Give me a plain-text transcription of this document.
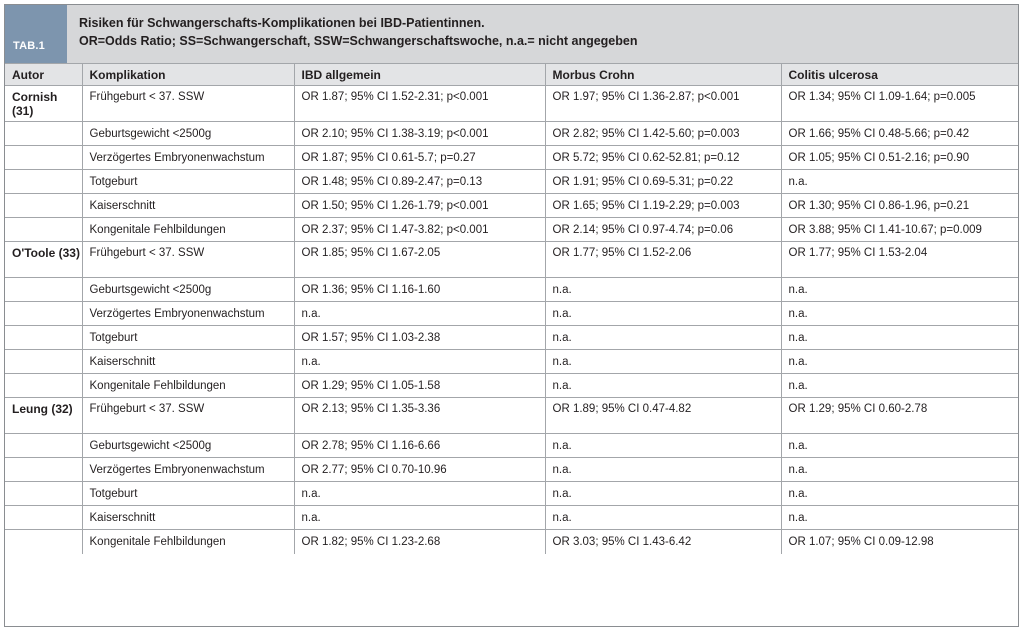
TAB.1
Risiken für Schwangerschafts-Komplikationen bei IBD-Patientinnen.
OR=Odds Ratio; SS=Schwangerschaft, SSW=Schwangerschaftswoche, n.a.= nicht angegeben
Autor	Komplikation	IBD allgemein	Morbus Crohn	Colitis ulcerosa
Cornish (31)	Frühgeburt < 37. SSW	OR 1.87; 95% CI 1.52-2.31; p<0.001	OR 1.97; 95% CI 1.36-2.87; p<0.001	OR 1.34; 95% CI 1.09-1.64; p=0.005
	Geburtsgewicht <2500g	OR 2.10; 95% CI 1.38-3.19; p<0.001	OR 2.82; 95% CI 1.42-5.60; p=0.003	OR 1.66; 95% CI 0.48-5.66; p=0.42
	Verzögertes Embryonenwachstum	OR 1.87; 95% CI 0.61-5.7; p=0.27	OR 5.72; 95% CI 0.62-52.81; p=0.12	OR 1.05; 95% CI 0.51-2.16; p=0.90
	Totgeburt	OR 1.48; 95% CI 0.89-2.47; p=0.13	OR 1.91; 95% CI 0.69-5.31; p=0.22	n.a.
	Kaiserschnitt	OR 1.50; 95% CI 1.26-1.79; p<0.001	OR 1.65; 95% CI 1.19-2.29; p=0.003	OR 1.30; 95% CI 0.86-1.96, p=0.21
	Kongenitale Fehlbildungen	OR 2.37; 95% CI 1.47-3.82; p<0.001	OR 2.14; 95% CI 0.97-4.74; p=0.06	OR 3.88; 95% CI 1.41-10.67; p=0.009
O'Toole (33)	Frühgeburt < 37. SSW	OR 1.85; 95% CI 1.67-2.05	OR 1.77; 95% CI 1.52-2.06	OR 1.77; 95% CI 1.53-2.04
	Geburtsgewicht <2500g	OR 1.36; 95% CI 1.16-1.60	n.a.	n.a.
	Verzögertes Embryonenwachstum	n.a.	n.a.	n.a.
	Totgeburt	OR 1.57; 95% CI 1.03-2.38	n.a.	n.a.
	Kaiserschnitt	n.a.	n.a.	n.a.
	Kongenitale Fehlbildungen	OR 1.29; 95% CI 1.05-1.58	n.a.	n.a.
Leung (32)	Frühgeburt < 37. SSW	OR 2.13; 95% CI 1.35-3.36	OR 1.89; 95% CI 0.47-4.82	OR 1.29; 95% CI 0.60-2.78
	Geburtsgewicht <2500g	OR 2.78; 95% CI 1.16-6.66	n.a.	n.a.
	Verzögertes Embryonenwachstum	OR 2.77; 95% CI 0.70-10.96	n.a.	n.a.
	Totgeburt	n.a.	n.a.	n.a.
	Kaiserschnitt	n.a.	n.a.	n.a.
	Kongenitale Fehlbildungen	OR 1.82; 95% CI 1.23-2.68	OR 3.03; 95% CI 1.43-6.42	OR 1.07; 95% CI 0.09-12.98
